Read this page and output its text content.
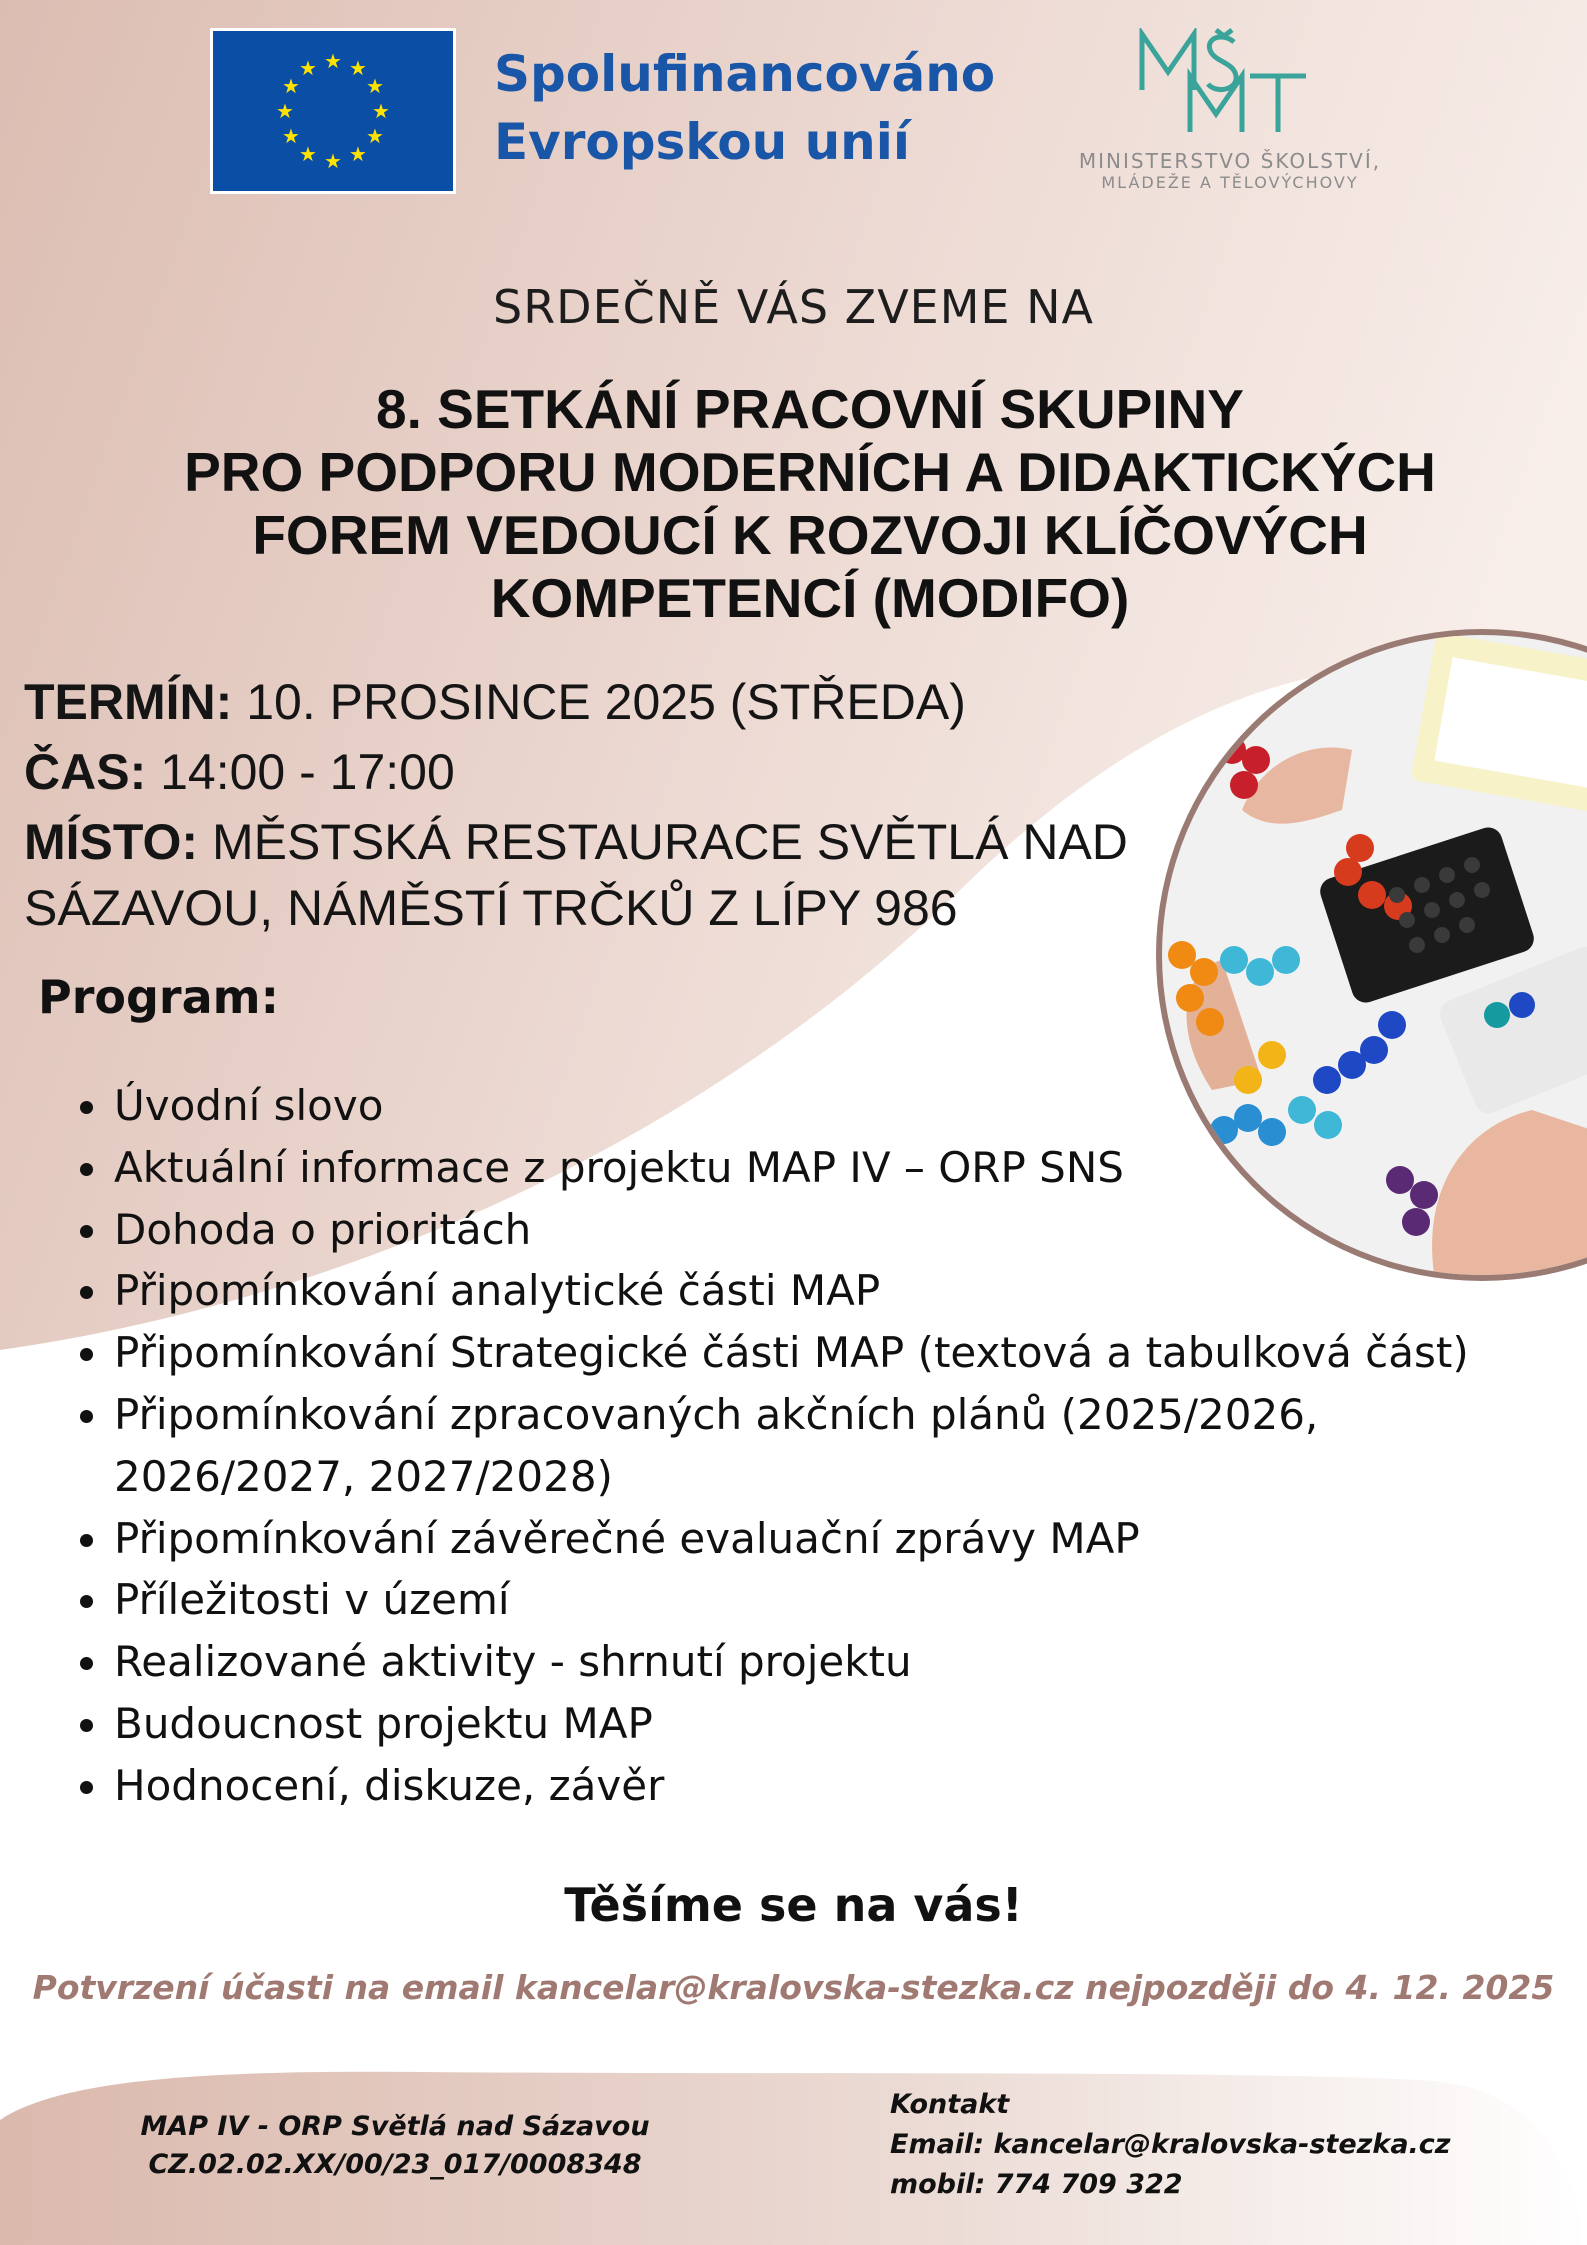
★ ★
★
★
★
★
★
★
★
★
★
★	Spolufinancováno
Evropskou unií	MINISTERSTVO ŠKOLSTVÍ,
MLÁDEŽE A TĚLOVÝCHOVY
SRDEČNĚ VÁS ZVEME NA
8. SETKÁNÍ PRACOVNÍ SKUPINY
PRO PODPORU MODERNÍCH A DIDAKTICKÝCH
FOREM VEDOUCÍ K ROZVOJI KLÍČOVÝCH
KOMPETENCÍ (MODIFO)
TERMÍN: 10. PROSINCE 2025 (STŘEDA)
ČAS: 14:00 - 17:00
MÍSTO: MĚSTSKÁ RESTAURACE SVĚTLÁ NAD
SÁZAVOU, NÁMĚSTÍ TRČKŮ Z LÍPY 986
Program:
Úvodní slovo
Aktuální informace z projektu MAP IV – ORP SNS
Dohoda o prioritách
Připomínkování analytické části MAP
Připomínkování Strategické části MAP (textová a tabulková část)
Připomínkování zpracovaných akčních plánů (2025/2026, 2026/2027, 2027/2028)
Připomínkování závěrečné evaluační zprávy MAP
Příležitosti v území
Realizované aktivity - shrnutí projektu
Budoucnost projektu MAP
Hodnocení, diskuze, závěr
Těšíme se na vás!
Potvrzení účasti na email kancelar@kralovska-stezka.cz nejpozději do 4. 12. 2025
MAP IV - ORP Světlá nad Sázavou
CZ.02.02.XX/00/23_017/0008348
Kontakt
Email: kancelar@kralovska-stezka.cz
mobil: 774 709 322
